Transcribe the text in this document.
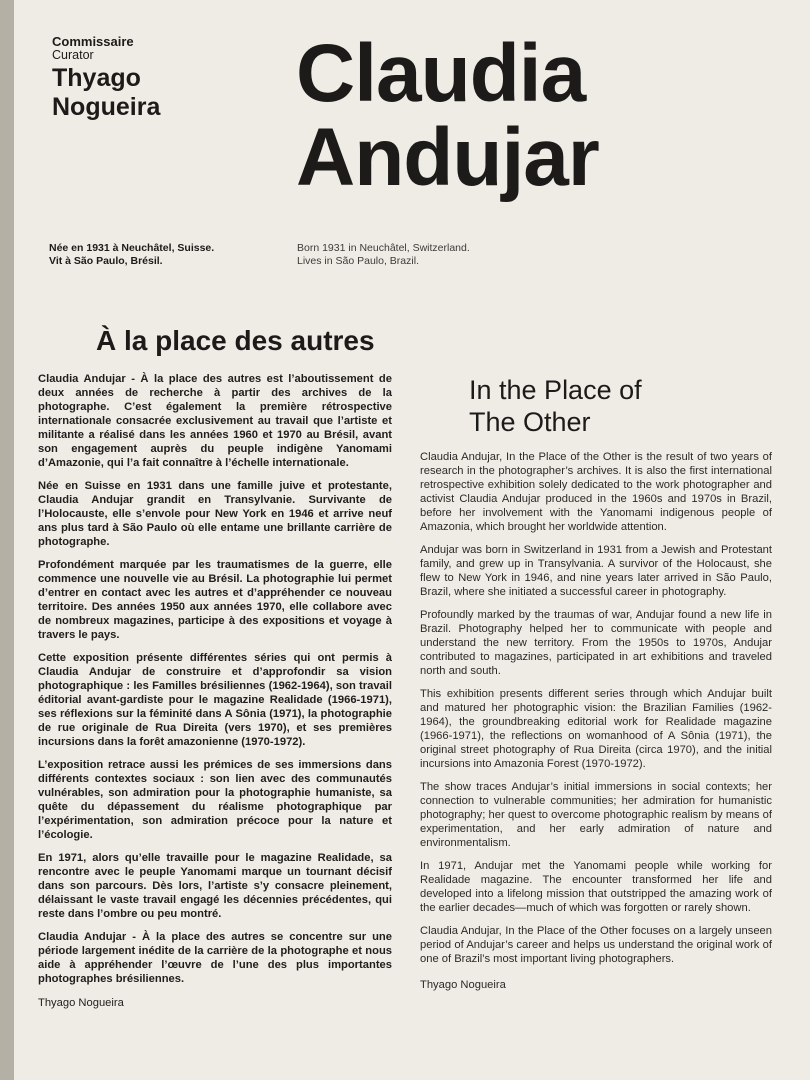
Commissaire
Curator
Thyago
Nogueira	Claudia
Andujar
Née en 1931 à Neuchâtel, Suisse.
Vit à São Paulo, Brésil.
Born 1931 in Neuchâtel, Switzerland.
Lives in São Paulo, Brazil.
À la place des autres
In the Place of
The Other

Claudia Andujar - À la place des autres est l’aboutissement de deux années de recherche à partir des archives de la photographe. C’est également la première rétrospective internationale consacrée exclusivement au travail que l’artiste et militante a réalisé dans les années 1960 et 1970 au Brésil, avant son engagement auprès du peuple indigène Yanomami d’Amazonie, qui l’a fait connaître à l’échelle internationale.

Née en Suisse en 1931 dans une famille juive et protestante, Claudia Andujar grandit en Transylvanie. Survivante de l’Holocauste, elle s’envole pour New York en 1946 et arrive neuf ans plus tard à São Paulo où elle entame une brillante carrière de photographe.

Profondément marquée par les traumatismes de la guerre, elle commence une nouvelle vie au Brésil. La photographie lui permet d’entrer en contact avec les autres et d’appréhender ce nouveau territoire. Des années 1950 aux années 1970, elle collabore avec de nombreux magazines, participe à des expositions et voyage à travers le pays.

Cette exposition présente différentes séries qui ont permis à Claudia Andujar de construire et d’approfondir sa vision photographique : les Familles brésiliennes (1962-1964), son travail éditorial avant-gardiste pour le magazine Realidade (1966-1971), ses réflexions sur la féminité dans A Sônia (1971), la photographie de rue originale de Rua Direita (vers 1970), et ses premières incursions dans la forêt amazonienne (1970-1972).

L’exposition retrace aussi les prémices de ses immersions dans différents contextes sociaux : son lien avec des communautés vulnérables, son admiration pour la photographie humaniste, sa quête du dépassement du réalisme photographique par l’expérimentation, son admiration précoce pour la nature et l’écologie.

En 1971, alors qu’elle travaille pour le magazine Realidade, sa rencontre avec le peuple Yanomami marque un tournant décisif dans son parcours. Dès lors, l’artiste s’y consacre pleinement, délaissant le vaste travail engagé les décennies précédentes, qui reste dans l’ombre ou peu montré.

Claudia Andujar - À la place des autres se concentre sur une période largement inédite de la carrière de la photographe et nous aide à appréhender l’œuvre de l’une des plus importantes photographes brésiliennes.

Thyago Nogueira

Claudia Andujar, In the Place of the Other is the result of two years of research in the photographer’s archives. It is also the first international retrospective exhibition solely dedicated to the work photographer and activist Claudia Andujar produced in the 1960s and 1970s in Brazil, before her involvement with the Yanomami indigenous people of Amazonia, which brought her worldwide attention.

Andujar was born in Switzerland in 1931 from a Jewish and Protestant family, and grew up in Transylvania. A survivor of the Holocaust, she flew to New York in 1946, and nine years later arrived in São Paulo, Brazil, where she initiated a successful career in photography.

Profoundly marked by the traumas of war, Andujar found a new life in Brazil. Photography helped her to communicate with people and understand the new territory. From the 1950s to 1970s, Andujar contributed to magazines, participated in art exhibitions and traveled north and south.

This exhibition presents different series through which Andujar built and matured her photographic vision: the Brazilian Families (1962-1964), the groundbreaking editorial work for Realidade magazine (1966-1971), the reflections on womanhood of A Sônia (1971), the original street photography of Rua Direita (circa 1970), and the initial incursions into Amazonia Forest (1970-1972).

The show traces Andujar’s initial immersions in social contexts; her connection to vulnerable communities; her admiration for humanistic photography; her quest to overcome photographic realism by means of experimentation, and her early admiration of nature and environmentalism.

In 1971, Andujar met the Yanomami people while working for Realidade magazine. The encounter transformed her life and developed into a lifelong mission that outstripped the amazing work of the earlier decades—much of which was forgotten or rarely shown.

Claudia Andujar, In the Place of the Other focuses on a largely unseen period of Andujar’s career and helps us understand the original work of one of Brazil’s most important living photographers.

Thyago Nogueira
